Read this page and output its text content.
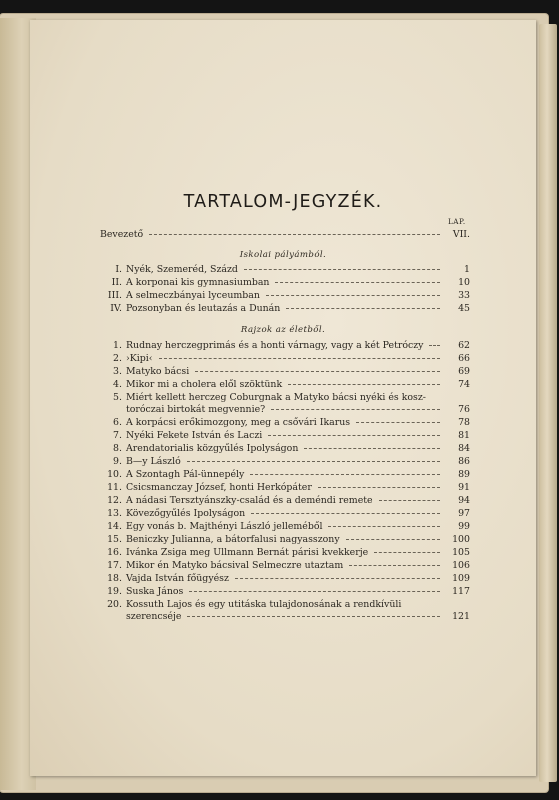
TARTALOM-JEGYZÉK.
LAP.
Bevezető	VII.
Iskolai pályámból.
I. Nyék, Szemeréd, Százd	1
II. A korponai kis gymnasiumban	10
III. A selmeczbányai lyceumban	33
IV. Pozsonyban és leutazás a Dunán	45
Rajzok az életből.
1. Rudnay herczegprimás és a honti várnagy, vagy a két Petróczy	62
2. ›Kipi‹	66
3. Matyko bácsi	69
4. Mikor mi a cholera elől szöktünk	74
5. Miért kellett herczeg Coburgnak a Matyko bácsi nyéki és kosz-
toróczai birtokát megvennie?	76
6. A korpácsi erőkimozgony, meg a csővári Ikarus	78
7. Nyéki Fekete István és Laczi	81
8. Arendatorialis közgyűlés Ipolyságon	84
9. B—y László	86
10. A Szontagh Pál-ünnepély	89
11. Csicsmanczay József, honti Herkópáter	91
12. A nádasi Tersztyánszky-család és a deméndi remete	94
13. Kövezőgyűlés Ipolyságon	97
14. Egy vonás b. Majthényi László jelleméből	99
15. Beniczky Julianna, a bátorfalusi nagyasszony	100
16. Ivánka Zsiga meg Ullmann Bernát párisi kvekkerje	105
17. Mikor én Matyko bácsival Selmeczre utaztam	106
18. Vajda István főügyész	109
19. Suska János	117
20. Kossuth Lajos és egy utitáska tulajdonosának a rendkívüli
szerencséje	121
